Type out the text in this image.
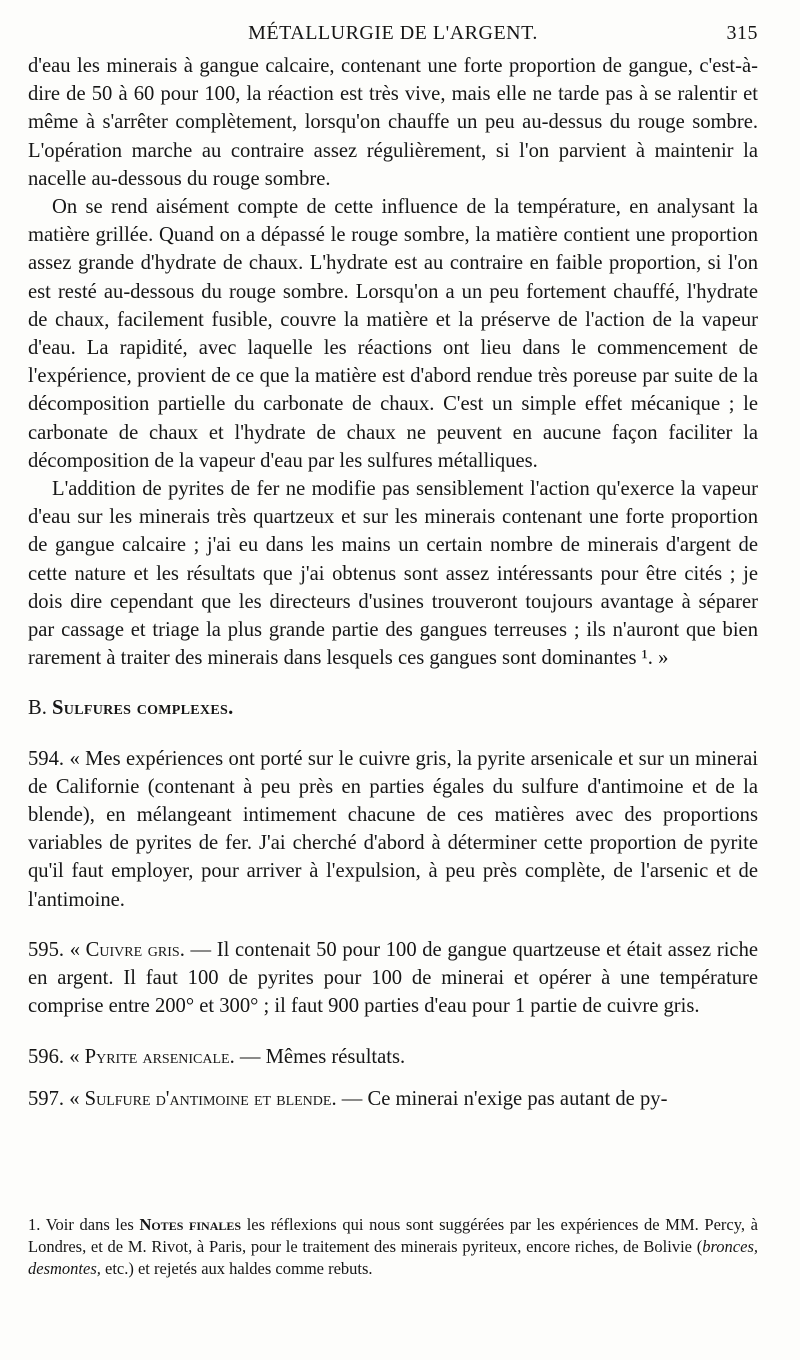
MÉTALLURGIE DE L'ARGENT.	315

d'eau les minerais à gangue calcaire, contenant une forte proportion de gangue, c'est-à-dire de 50 à 60 pour 100, la réaction est très vive, mais elle ne tarde pas à se ralentir et même à s'arrêter complètement, lorsqu'on chauffe un peu au-dessus du rouge sombre. L'opération marche au contraire assez régulièrement, si l'on parvient à maintenir la nacelle au-dessous du rouge sombre.

On se rend aisément compte de cette influence de la température, en analysant la matière grillée. Quand on a dépassé le rouge sombre, la matière contient une proportion assez grande d'hydrate de chaux. L'hydrate est au contraire en faible proportion, si l'on est resté au-dessous du rouge sombre. Lorsqu'on a un peu fortement chauffé, l'hydrate de chaux, facilement fusible, couvre la matière et la préserve de l'action de la vapeur d'eau. La rapidité, avec laquelle les réactions ont lieu dans le commencement de l'expérience, provient de ce que la matière est d'abord rendue très poreuse par suite de la décomposition partielle du carbonate de chaux. C'est un simple effet mécanique ; le carbonate de chaux et l'hydrate de chaux ne peuvent en aucune façon faciliter la décomposition de la vapeur d'eau par les sulfures métalliques.

L'addition de pyrites de fer ne modifie pas sensiblement l'action qu'exerce la vapeur d'eau sur les minerais très quartzeux et sur les minerais contenant une forte proportion de gangue calcaire ; j'ai eu dans les mains un certain nombre de minerais d'argent de cette nature et les résultats que j'ai obtenus sont assez intéressants pour être cités ; je dois dire cependant que les directeurs d'usines trouveront toujours avantage à séparer par cassage et triage la plus grande partie des gangues terreuses ; ils n'auront que bien rarement à traiter des minerais dans lesquels ces gangues sont dominantes ¹. »

B. Sulfures complexes.

594. « Mes expériences ont porté sur le cuivre gris, la pyrite arsenicale et sur un minerai de Californie (contenant à peu près en parties égales du sulfure d'antimoine et de la blende), en mélangeant intimement chacune de ces matières avec des proportions variables de pyrites de fer. J'ai cherché d'abord à déterminer cette proportion de pyrite qu'il faut employer, pour arriver à l'expulsion, à peu près complète, de l'arsenic et de l'antimoine.

595. « Cuivre gris. — Il contenait 50 pour 100 de gangue quartzeuse et était assez riche en argent. Il faut 100 de pyrites pour 100 de minerai et opérer à une température comprise entre 200° et 300° ; il faut 900 parties d'eau pour 1 partie de cuivre gris.

596. « Pyrite arsenicale. — Mêmes résultats.

597. « Sulfure d'antimoine et blende. — Ce minerai n'exige pas autant de py-

1. Voir dans les Notes finales les réflexions qui nous sont suggérées par les expériences de MM. Percy, à Londres, et de M. Rivot, à Paris, pour le traitement des minerais pyriteux, encore riches, de Bolivie (bronces, desmontes, etc.) et rejetés aux haldes comme rebuts.
